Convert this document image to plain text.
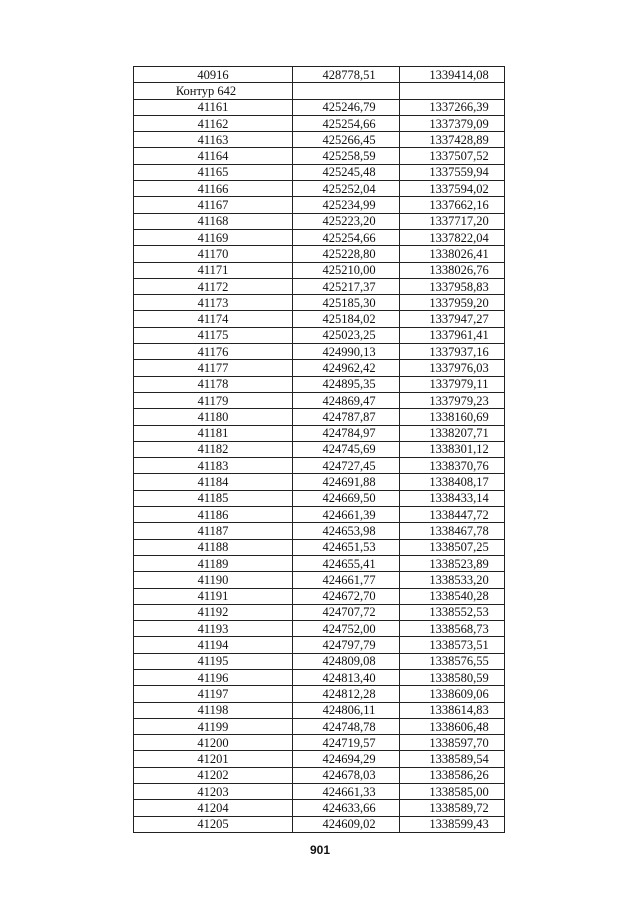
40916	428778,51	1339414,08
Контур 642		
41161	425246,79	1337266,39
41162	425254,66	1337379,09
41163	425266,45	1337428,89
41164	425258,59	1337507,52
41165	425245,48	1337559,94
41166	425252,04	1337594,02
41167	425234,99	1337662,16
41168	425223,20	1337717,20
41169	425254,66	1337822,04
41170	425228,80	1338026,41
41171	425210,00	1338026,76
41172	425217,37	1337958,83
41173	425185,30	1337959,20
41174	425184,02	1337947,27
41175	425023,25	1337961,41
41176	424990,13	1337937,16
41177	424962,42	1337976,03
41178	424895,35	1337979,11
41179	424869,47	1337979,23
41180	424787,87	1338160,69
41181	424784,97	1338207,71
41182	424745,69	1338301,12
41183	424727,45	1338370,76
41184	424691,88	1338408,17
41185	424669,50	1338433,14
41186	424661,39	1338447,72
41187	424653,98	1338467,78
41188	424651,53	1338507,25
41189	424655,41	1338523,89
41190	424661,77	1338533,20
41191	424672,70	1338540,28
41192	424707,72	1338552,53
41193	424752,00	1338568,73
41194	424797,79	1338573,51
41195	424809,08	1338576,55
41196	424813,40	1338580,59
41197	424812,28	1338609,06
41198	424806,11	1338614,83
41199	424748,78	1338606,48
41200	424719,57	1338597,70
41201	424694,29	1338589,54
41202	424678,03	1338586,26
41203	424661,33	1338585,00
41204	424633,66	1338589,72
41205	424609,02	1338599,43
901
